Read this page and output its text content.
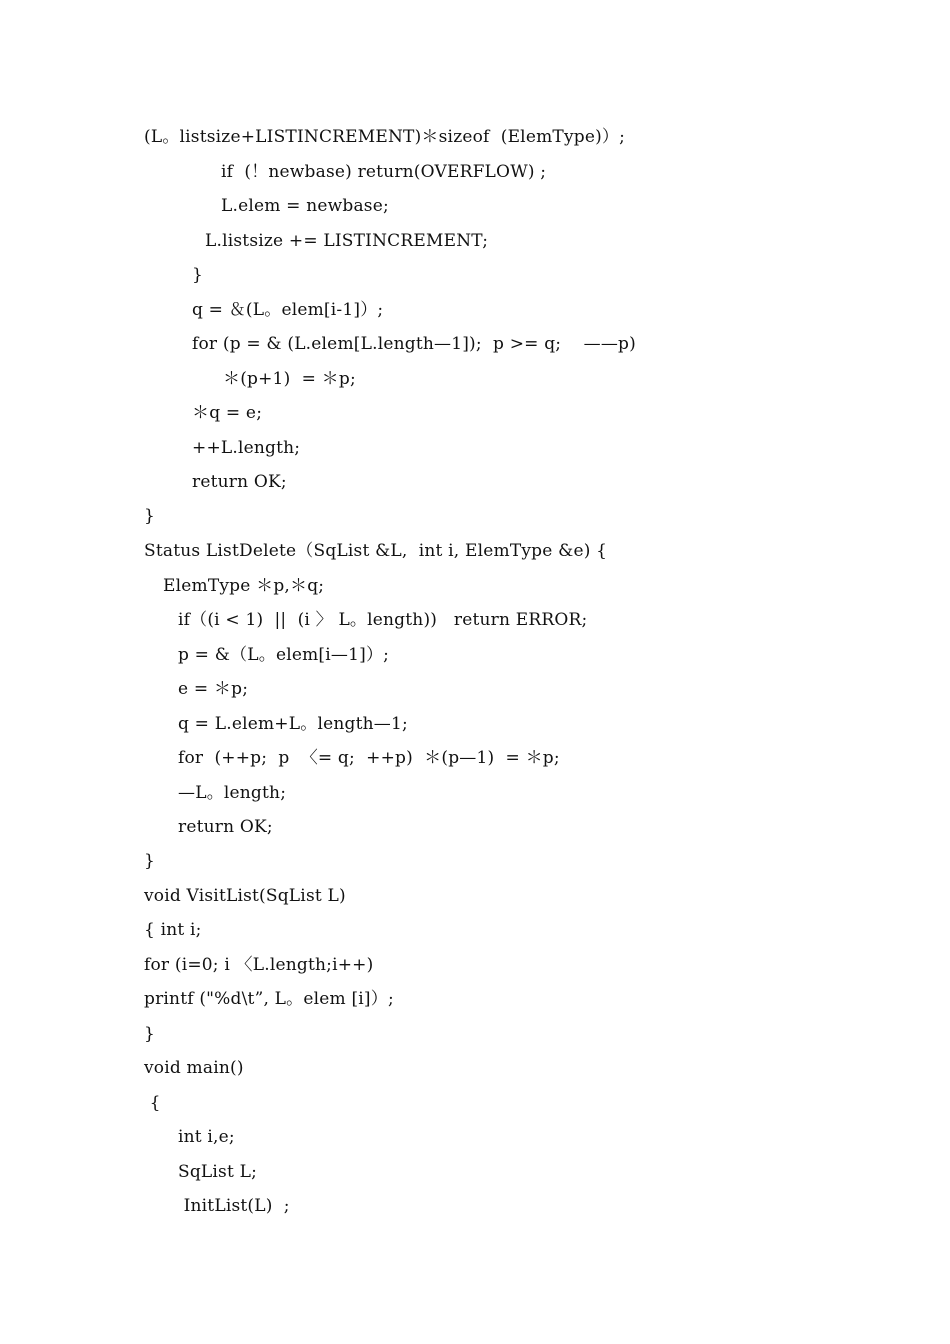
(L。listsize+LISTINCREMENT)＊sizeof  (ElemType)）;
if  (！newbase) return(OVERFLOW) ;
L.elem = newbase;
L.listsize += LISTINCREMENT;
}
q = ＆(L。elem[i-1]）;
for (p = & (L.elem[L.length—1]);  p >= q;    ——p)
＊(p+1)  = ＊p;
＊q = e;
++L.length;
return OK;
}
Status ListDelete（SqList &L,  int i, ElemType &e) {
ElemType ＊p,＊q;
if（(i < 1)  ||  (i 〉 L。length))   return ERROR;
p = &（L。elem[i—1]）;
e = ＊p;
q = L.elem+L。length—1;
for  (++p;  p  〈= q;  ++p)  ＊(p—1)  = ＊p;
—L。length;
return OK;
}
void VisitList(SqList L)
{ int i;
for (i=0; i 〈L.length;i++)
printf ("%d\t”, L。elem [i]）;
}
void main()
{
int i,e;
SqList L;
InitList(L)  ;
